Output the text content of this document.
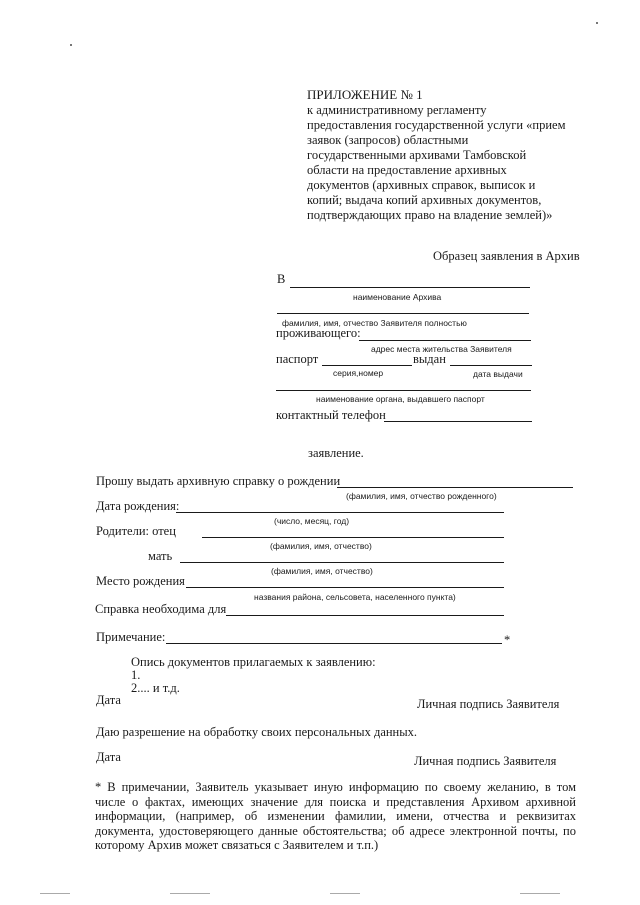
ПРИЛОЖЕНИЕ № 1
к административному регламенту
предоставления государственной услуги «прием
заявок (запросов) областными
государственными архивами Тамбовской
области на предоставление архивных
документов (архивных справок, выписок и
копий; выдача копий архивных документов,
подтверждающих право на владение землей)»
Образец заявления в Архив
В
наименование Архива
фамилия, имя, отчество Заявителя полностью
проживающего:
адрес места жительства Заявителя
паспорт	выдан
серия,номер	дата выдачи
наименование органа, выдавшего паспорт
контактный телефон
заявление.
Прошу выдать архивную справку о рождении
(фамилия, имя, отчество рожденного)
Дата рождения:
(число, месяц, год)
Родители: отец
(фамилия, имя, отчество)
мать
(фамилия, имя, отчество)
Место рождения
названия района, сельсовета, населенного пункта)
Справка необходима для
Примечание:	*
Опись документов прилагаемых к заявлению:
1.
2.... и т.д.
Дата	Личная подпись Заявителя
Даю разрешение на обработку своих персональных данных.
Дата	Личная подпись Заявителя
* В примечании, Заявитель указывает иную информацию по своему желанию, в том числе о фактах, имеющих значение для поиска и представления Архивом архивной информации, (например, об изменении фамилии, имени, отчества и реквизитах документа, удостоверяющего данные обстоятельства; об адресе электронной почты, по которому Архив может связаться с Заявителем и т.п.)
